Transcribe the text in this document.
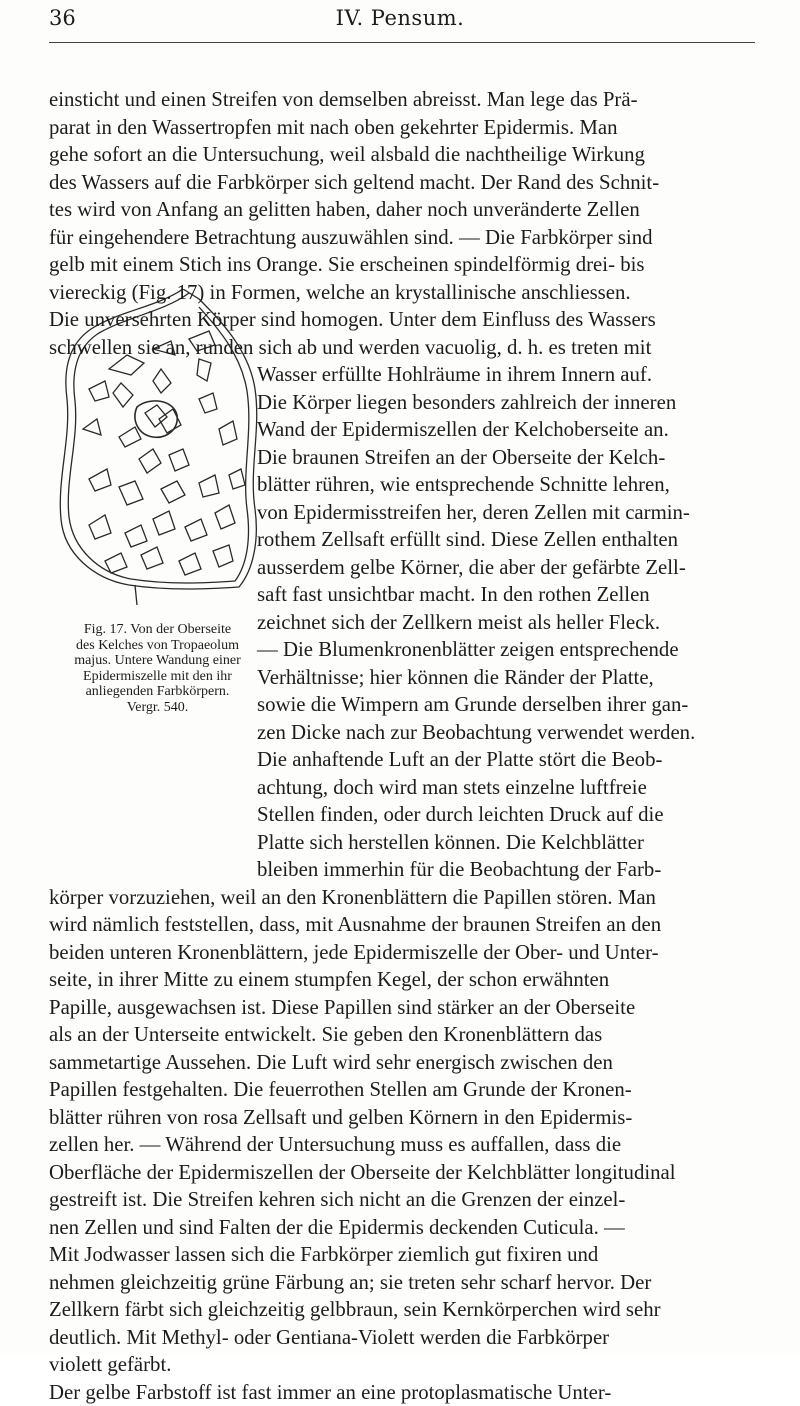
36	IV. Pensum.
Fig. 17. Von der Oberseite
des Kelches von Tropaeolum
majus. Untere Wandung einer
Epidermiszelle mit den ihr
anliegenden Farbkörpern.
Vergr. 540.
einsticht und einen Streifen von demselben abreisst. Man lege das Prä-
parat in den Wassertropfen mit nach oben gekehrter Epidermis. Man
gehe sofort an die Untersuchung, weil alsbald die nachtheilige Wirkung
des Wassers auf die Farbkörper sich geltend macht. Der Rand des Schnit-
tes wird von Anfang an gelitten haben, daher noch unveränderte Zellen
für eingehendere Betrachtung auszuwählen sind. — Die Farbkörper sind
gelb mit einem Stich ins Orange. Sie erscheinen spindelförmig drei- bis
viereckig (Fig. 17) in Formen, welche an krystallinische anschliessen.
Die unversehrten Körper sind homogen. Unter dem Einfluss des Wassers
schwellen sie an, runden sich ab und werden vacuolig, d. h. es treten mit
Wasser erfüllte Hohlräume in ihrem Innern auf.
Die Körper liegen besonders zahlreich der inneren
Wand der Epidermiszellen der Kelchoberseite an.
Die braunen Streifen an der Oberseite der Kelch-
blätter rühren, wie entsprechende Schnitte lehren,
von Epidermisstreifen her, deren Zellen mit carmin-
rothem Zellsaft erfüllt sind. Diese Zellen enthalten
ausserdem gelbe Körner, die aber der gefärbte Zell-
saft fast unsichtbar macht. In den rothen Zellen
zeichnet sich der Zellkern meist als heller Fleck.
— Die Blumenkronenblätter zeigen entsprechende
Verhältnisse; hier können die Ränder der Platte,
sowie die Wimpern am Grunde derselben ihrer gan-
zen Dicke nach zur Beobachtung verwendet werden.
Die anhaftende Luft an der Platte stört die Beob-
achtung, doch wird man stets einzelne luftfreie
Stellen finden, oder durch leichten Druck auf die
Platte sich herstellen können. Die Kelchblätter
bleiben immerhin für die Beobachtung der Farb-
körper vorzuziehen, weil an den Kronenblättern die Papillen stören. Man
wird nämlich feststellen, dass, mit Ausnahme der braunen Streifen an den
beiden unteren Kronenblättern, jede Epidermiszelle der Ober- und Unter-
seite, in ihrer Mitte zu einem stumpfen Kegel, der schon erwähnten
Papille, ausgewachsen ist. Diese Papillen sind stärker an der Oberseite
als an der Unterseite entwickelt. Sie geben den Kronenblättern das
sammetartige Aussehen. Die Luft wird sehr energisch zwischen den
Papillen festgehalten. Die feuerrothen Stellen am Grunde der Kronen-
blätter rühren von rosa Zellsaft und gelben Körnern in den Epidermis-
zellen her. — Während der Untersuchung muss es auffallen, dass die
Oberfläche der Epidermiszellen der Oberseite der Kelchblätter longitudinal
gestreift ist. Die Streifen kehren sich nicht an die Grenzen der einzel-
nen Zellen und sind Falten der die Epidermis deckenden Cuticula. —
Mit Jodwasser lassen sich die Farbkörper ziemlich gut fixiren und
nehmen gleichzeitig grüne Färbung an; sie treten sehr scharf hervor. Der
Zellkern färbt sich gleichzeitig gelbbraun, sein Kernkörperchen wird sehr
deutlich. Mit Methyl- oder Gentiana-Violett werden die Farbkörper
violett gefärbt.
Der gelbe Farbstoff ist fast immer an eine protoplasmatische Unter-
